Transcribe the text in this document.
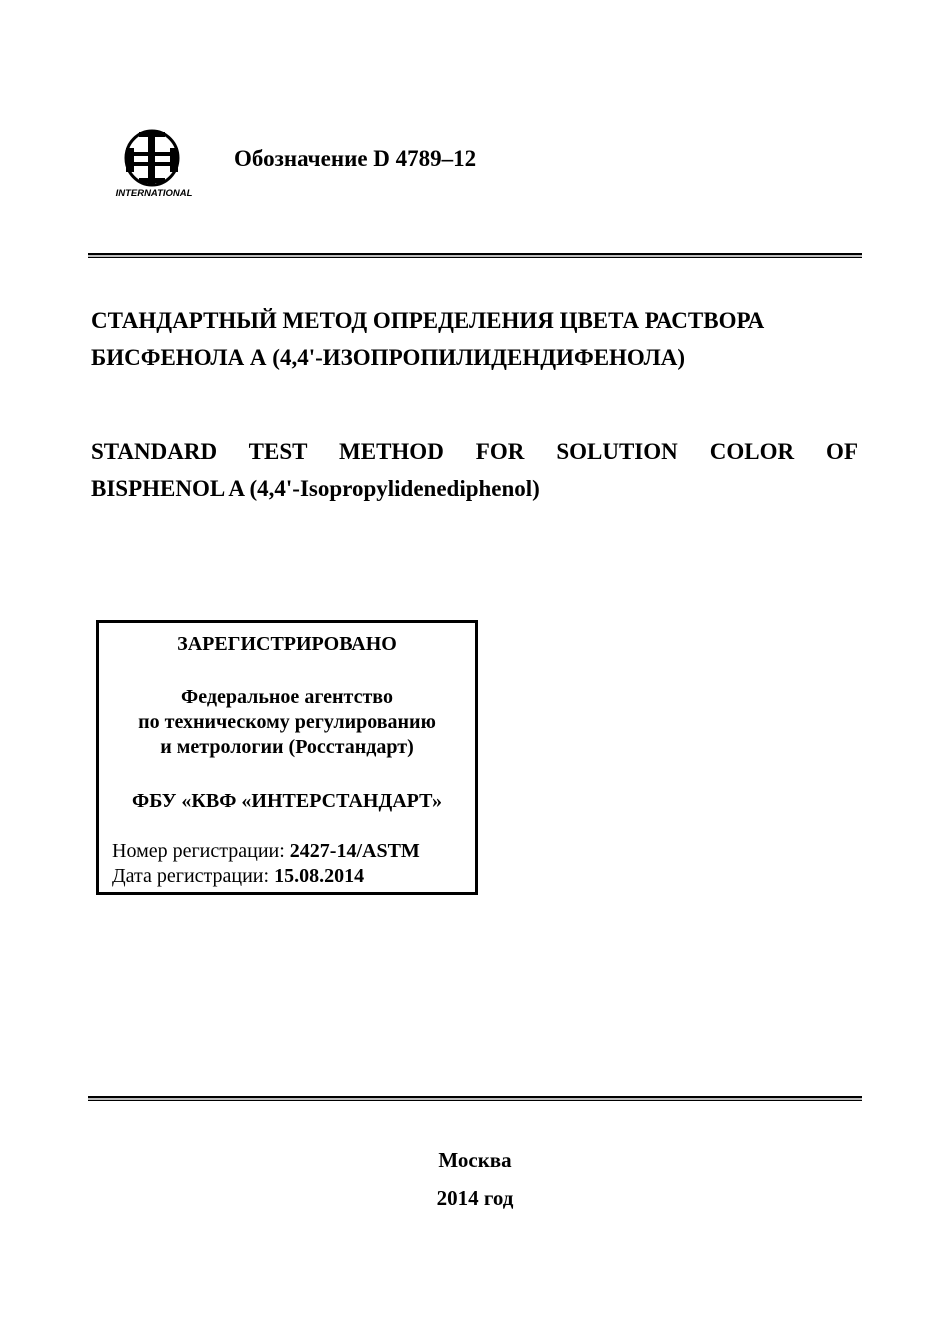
INTERNATIONAL
Обозначение D 4789–12
СТАНДАРТНЫЙ МЕТОД ОПРЕДЕЛЕНИЯ ЦВЕТА РАСТВОРА
БИСФЕНОЛА А (4,4'-ИЗОПРОПИЛИДЕНДИФЕНОЛА)
STANDARD TEST METHOD FOR SOLUTION COLOR OF
BISPHENOL A (4,4'-Isopropylidenediphenol)
ЗАРЕГИСТРИРОВАНО
Федеральное агентство
по техническому регулированию
и метрологии (Росстандарт)
ФБУ «КВФ «ИНТЕРСТАНДАРТ»
Номер регистрации: 2427-14/ASTM
Дата регистрации: 15.08.2014
Москва
2014 год
